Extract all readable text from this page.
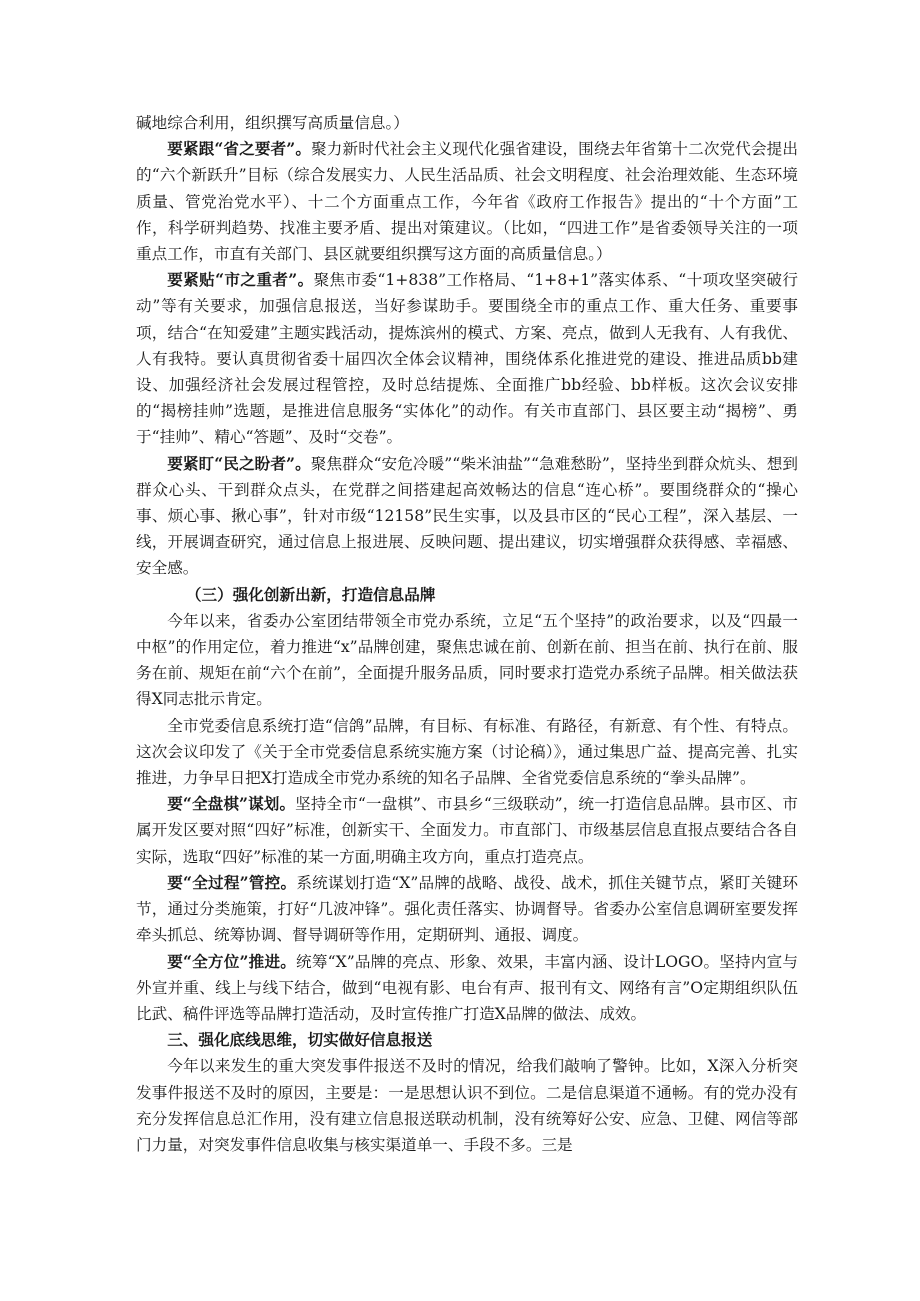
碱地综合利用，组织撰写高质量信息。）

要紧跟“省之要者”。聚力新时代社会主义现代化强省建设，围绕去年省第十二次党代会提出的“六个新跃升”目标（综合发展实力、人民生活品质、社会文明程度、社会治理效能、生态环境质量、管党治党水平）、十二个方面重点工作，今年省《政府工作报告》提出的“十个方面”工作，科学研判趋势、找准主要矛盾、提出对策建议。（比如，“四进工作”是省委领导关注的一项重点工作，市直有关部门、县区就要组织撰写这方面的高质量信息。）

要紧贴“市之重者”。聚焦市委“1+838”工作格局、“1+8+1”落实体系、“十项攻坚突破行动”等有关要求，加强信息报送，当好参谋助手。要围绕全市的重点工作、重大任务、重要事项，结合“在知爱建”主题实践活动，提炼滨州的模式、方案、亮点，做到人无我有、人有我优、人有我特。要认真贯彻省委十届四次全体会议精神，围绕体系化推进党的建设、推进品质bb建设、加强经济社会发展过程管控，及时总结提炼、全面推广bb经验、bb样板。这次会议安排的“揭榜挂帅”选题，是推进信息服务“实体化”的动作。有关市直部门、县区要主动“揭榜”、勇于“挂帅”、精心“答题”、及时“交卷”。

要紧盯“民之盼者”。聚焦群众“安危冷暖”“柴米油盐”“急难愁盼”，坚持坐到群众炕头、想到群众心头、干到群众点头，在党群之间搭建起高效畅达的信息“连心桥”。要围绕群众的“操心事、烦心事、揪心事”，针对市级“12158”民生实事，以及县市区的“民心工程”，深入基层、一线，开展调查研究，通过信息上报进展、反映问题、提出建议，切实增强群众获得感、幸福感、安全感。

（三）强化创新出新，打造信息品牌

今年以来，省委办公室团结带领全市党办系统，立足“五个坚持”的政治要求，以及“四最一中枢”的作用定位，着力推进“x”品牌创建，聚焦忠诚在前、创新在前、担当在前、执行在前、服务在前、规矩在前“六个在前”，全面提升服务品质，同时要求打造党办系统子品牌。相关做法获得X同志批示肯定。

全市党委信息系统打造“信鸽”品牌，有目标、有标准、有路径，有新意、有个性、有特点。这次会议印发了《关于全市党委信息系统实施方案（讨论稿）》，通过集思广益、提高完善、扎实推进，力争早日把X打造成全市党办系统的知名子品牌、全省党委信息系统的“拳头品牌”。

要“全盘棋”谋划。坚持全市“一盘棋”、市县乡“三级联动”，统一打造信息品牌。县市区、市属开发区要对照“四好”标准，创新实干、全面发力。市直部门、市级基层信息直报点要结合各自实际，选取“四好”标准的某一方面,明确主攻方向，重点打造亮点。

要“全过程”管控。系统谋划打造“X”品牌的战略、战役、战术，抓住关键节点，紧盯关键环节，通过分类施策，打好“几波冲锋”。强化责任落实、协调督导。省委办公室信息调研室要发挥牵头抓总、统筹协调、督导调研等作用，定期研判、通报、调度。

要“全方位”推进。统筹“X”品牌的亮点、形象、效果，丰富内涵、设计LOGO。坚持内宣与外宣并重、线上与线下结合，做到“电视有影、电台有声、报刊有文、网络有言”O定期组织队伍比武、稿件评选等品牌打造活动，及时宣传推广打造X品牌的做法、成效。

三、强化底线思维，切实做好信息报送

今年以来发生的重大突发事件报送不及时的情况，给我们敲响了警钟。比如，X深入分析突发事件报送不及时的原因，主要是：一是思想认识不到位。二是信息渠道不通畅。有的党办没有充分发挥信息总汇作用，没有建立信息报送联动机制，没有统筹好公安、应急、卫健、网信等部门力量，对突发事件信息收集与核实渠道单一、手段不多。三是
